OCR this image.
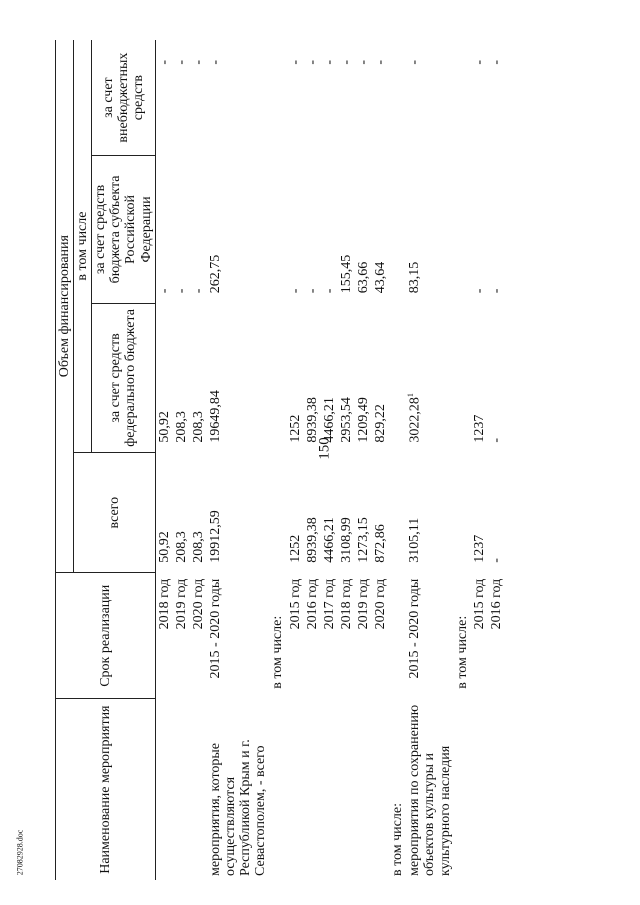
150
27082928.doc	Наименование мероприятия	Срок реализации	Объем финансирования			
		всего	в том числе		
			за счет средств федерального бюджета	за счет средств бюджета субъекта Российской Федерации	за счет внебюджетных средств
	2018 год	50,92	50,92	-	-
	2019 год	208,3	208,3	-	-
	2020 год	208,3	208,3	-	-
мероприятия, которые осуществляются Республикой Крым и г. Севастополем, - всего	2015 - 2020 годы	19912,59	19649,84	262,75	-
	в том числе:				
	2015 год	1252	1252	-	-
	2016 год	8939,38	8939,38	-	-
	2017 год	4466,21	4466,21	-	-
	2018 год	3108,99	2953,54	155,45	-
	2019 год	1273,15	1209,49	63,66	-
	2020 год	872,86	829,22	43,64	-
в том числе:					
мероприятия по сохранению объектов культуры и культурного наследия	2015 - 2020 годы	3105,11	3022,28$^1$	83,15	-
	в том числе:				
	2015 год	1237	1237	-	-
	2016 год	-	-	-	-
